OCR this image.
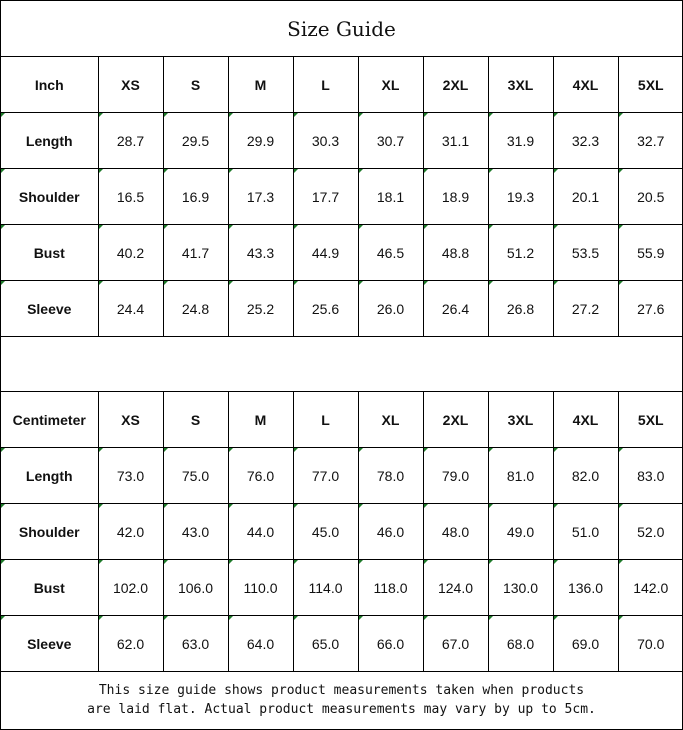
Size Guide
Inch	XS	S	M	L	XL	2XL	3XL	4XL	5XL
Length	28.7	29.5	29.9	30.3	30.7	31.1	31.9	32.3	32.7
Shoulder	16.5	16.9	17.3	17.7	18.1	18.9	19.3	20.1	20.5
Bust	40.2	41.7	43.3	44.9	46.5	48.8	51.2	53.5	55.9
Sleeve	24.4	24.8	25.2	25.6	26.0	26.4	26.8	27.2	27.6
Centimeter	XS	S	M	L	XL	2XL	3XL	4XL	5XL
Length	73.0	75.0	76.0	77.0	78.0	79.0	81.0	82.0	83.0
Shoulder	42.0	43.0	44.0	45.0	46.0	48.0	49.0	51.0	52.0
Bust	102.0	106.0	110.0	114.0	118.0	124.0	130.0	136.0	142.0
Sleeve	62.0	63.0	64.0	65.0	66.0	67.0	68.0	69.0	70.0
This size guide shows product measurements taken when products
are laid flat. Actual product measurements may vary by up to 5cm.
